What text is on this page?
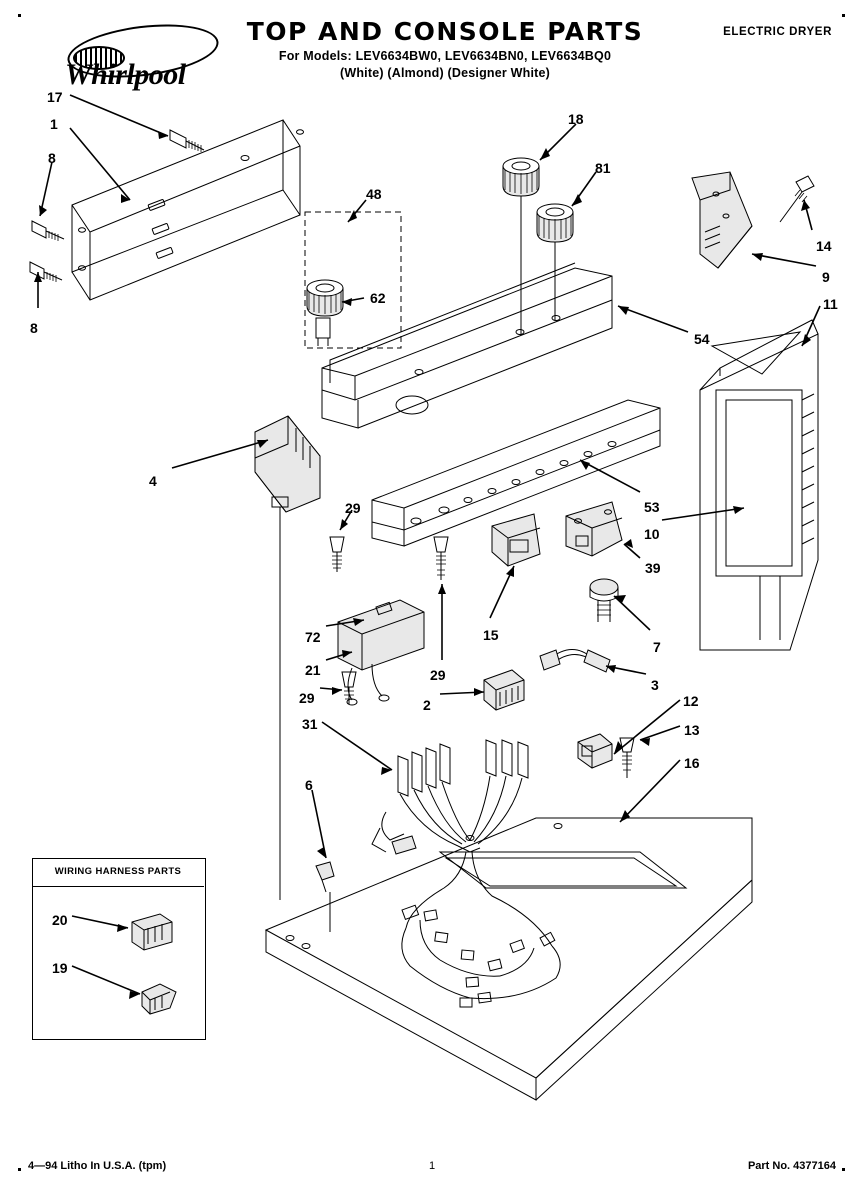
Whirlpool
TOP AND CONSOLE PARTS
For Models: LEV6634BW0, LEV6634BN0, LEV6634BQ0
(White) (Almond) (Designer White)
ELECTRIC DRYER
17
1
8
8
48
62
18
81
14
9
11
54
4
29	53
10
39
15
7
72
21	29
29	2
3
12
13
31
16
6
20
19
WIRING HARNESS PARTS
4—94 Litho In U.S.A. (tpm)	1	Part No. 4377164
